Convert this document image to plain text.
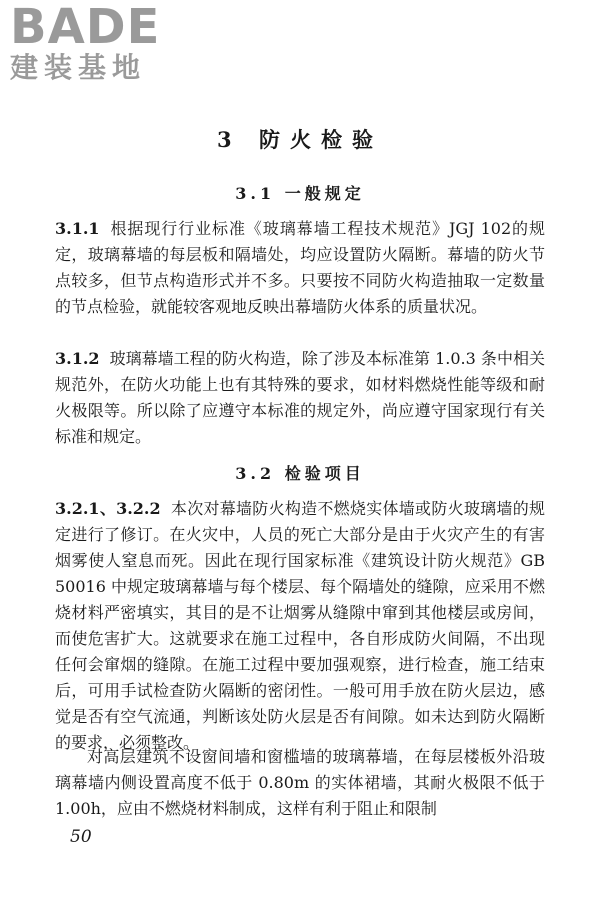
BADE
建装基地
3 防火检验
3.1 一般规定

3.1.1 根据现行行业标准《玻璃幕墙工程技术规范》JGJ 102的规定，玻璃幕墙的每层板和隔墙处，均应设置防火隔断。幕墙的防火节点较多，但节点构造形式并不多。只要按不同防火构造抽取一定数量的节点检验，就能较客观地反映出幕墙防火体系的质量状况。

3.1.2 玻璃幕墙工程的防火构造，除了涉及本标准第 1.0.3 条中相关规范外，在防火功能上也有其特殊的要求，如材料燃烧性能等级和耐火极限等。所以除了应遵守本标准的规定外，尚应遵守国家现行有关标准和规定。

3.2 检验项目

3.2.1、3.2.2 本次对幕墙防火构造不燃烧实体墙或防火玻璃墙的规定进行了修订。在火灾中，人员的死亡大部分是由于火灾产生的有害烟雾使人窒息而死。因此在现行国家标准《建筑设计防火规范》GB 50016 中规定玻璃幕墙与每个楼层、每个隔墙处的缝隙，应采用不燃烧材料严密填实，其目的是不让烟雾从缝隙中窜到其他楼层或房间，而使危害扩大。这就要求在施工过程中，各自形成防火间隔，不出现任何会窜烟的缝隙。在施工过程中要加强观察，进行检查，施工结束后，可用手试检查防火隔断的密闭性。一般可用手放在防火层边，感觉是否有空气流通，判断该处防火层是否有间隙。如未达到防火隔断的要求，必须整改。

对高层建筑不设窗间墙和窗槛墙的玻璃幕墙，在每层楼板外沿玻璃幕墙内侧设置高度不低于 0.80m 的实体裙墙，其耐火极限不低于 1.00h，应由不燃烧材料制成，这样有利于阻止和限制

50
